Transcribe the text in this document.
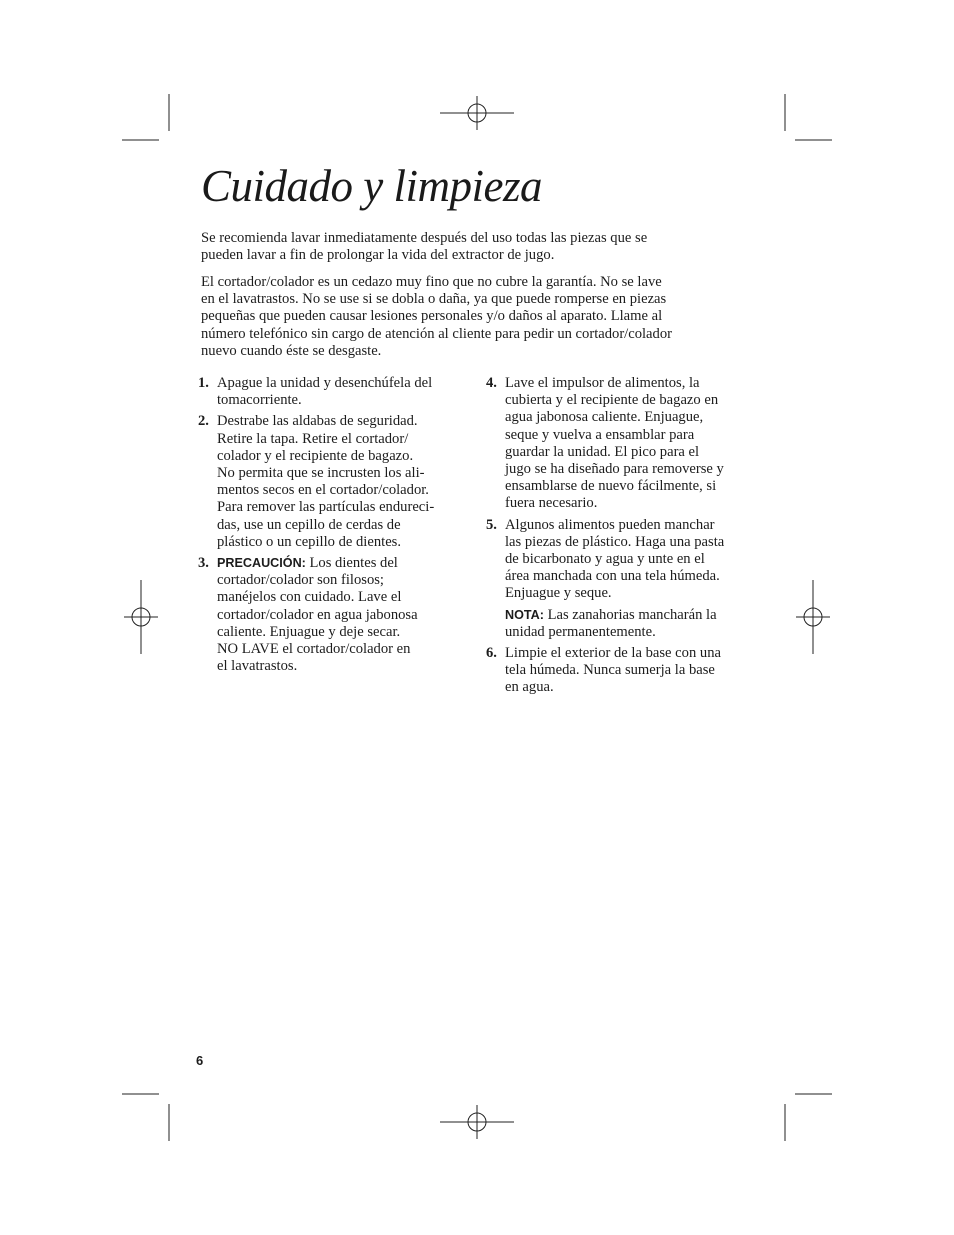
Cuidado y limpieza

Se recomienda lavar inmediatamente después del uso todas las piezas que se
pueden lavar a fin de prolongar la vida del extractor de jugo.

El cortador/colador es un cedazo muy fino que no cubre la garantía. No se lave
en el lavatrastos. No se use si se dobla o daña, ya que puede romperse en piezas
pequeñas que pueden causar lesiones personales y/o daños al aparato. Llame al
número telefónico sin cargo de atención al cliente para pedir un cortador/colador
nuevo cuando éste se desgaste.

1. Apague la unidad y desenchúfela del
tomacorriente.
2. Destrabe las aldabas de seguridad.
Retire la tapa. Retire el cortador/
colador y el recipiente de bagazo.
No permita que se incrusten los ali-
mentos secos en el cortador/colador.
Para remover las partículas endureci-
das, use un cepillo de cerdas de
plástico o un cepillo de dientes.
3. PRECAUCIÓN: Los dientes del
cortador/colador son filosos;
manéjelos con cuidado. Lave el
cortador/colador en agua jabonosa
caliente. Enjuague y deje secar.
NO LAVE el cortador/colador en
el lavatrastos.
4. Lave el impulsor de alimentos, la
cubierta y el recipiente de bagazo en
agua jabonosa caliente. Enjuague,
seque y vuelva a ensamblar para
guardar la unidad. El pico para el
jugo se ha diseñado para removerse y
ensamblarse de nuevo fácilmente, si
fuera necesario.
5. Algunos alimentos pueden manchar
las piezas de plástico. Haga una pasta
de bicarbonato y agua y unte en el
área manchada con una tela húmeda.
Enjuague y seque.
NOTA: Las zanahorias mancharán la
unidad permanentemente.
6. Limpie el exterior de la base con una
tela húmeda. Nunca sumerja la base
en agua.
6
